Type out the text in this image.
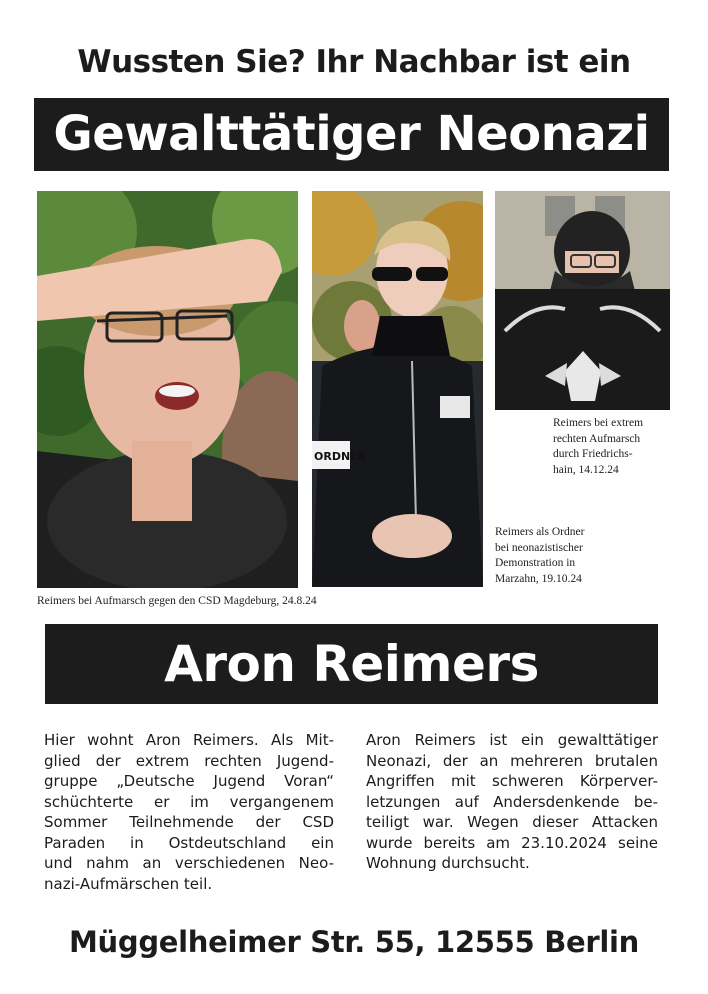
Wussten Sie? Ihr Nachbar ist ein
Gewalttätiger Neonazi
ORDNER
Reimers bei Aufmarsch gegen den CSD Magdeburg, 24.8.24
Reimers als Ordner
bei neonazistischer
Demonstration in
Marzahn, 19.10.24
Reimers bei extrem
rechten Aufmarsch
durch Friedrichs-
hain, 14.12.24
Aron Reimers
Hier wohnt Aron Reimers. Als Mit-
glied der extrem rechten Jugend-
gruppe „Deutsche Jugend Voran“
schüchterte er im vergangenem
Sommer Teilnehmende der CSD
Paraden in Ostdeutschland ein
und nahm an verschiedenen Neo-
nazi-Aufmärschen teil.
Aron Reimers ist ein gewalttätiger
Neonazi, der an mehreren brutalen
Angriffen mit schweren Körperver-
letzungen auf Andersdenkende be-
teiligt war. Wegen dieser Attacken
wurde bereits am 23.10.2024 seine
Wohnung durchsucht.
Müggelheimer Str. 55, 12555 Berlin
